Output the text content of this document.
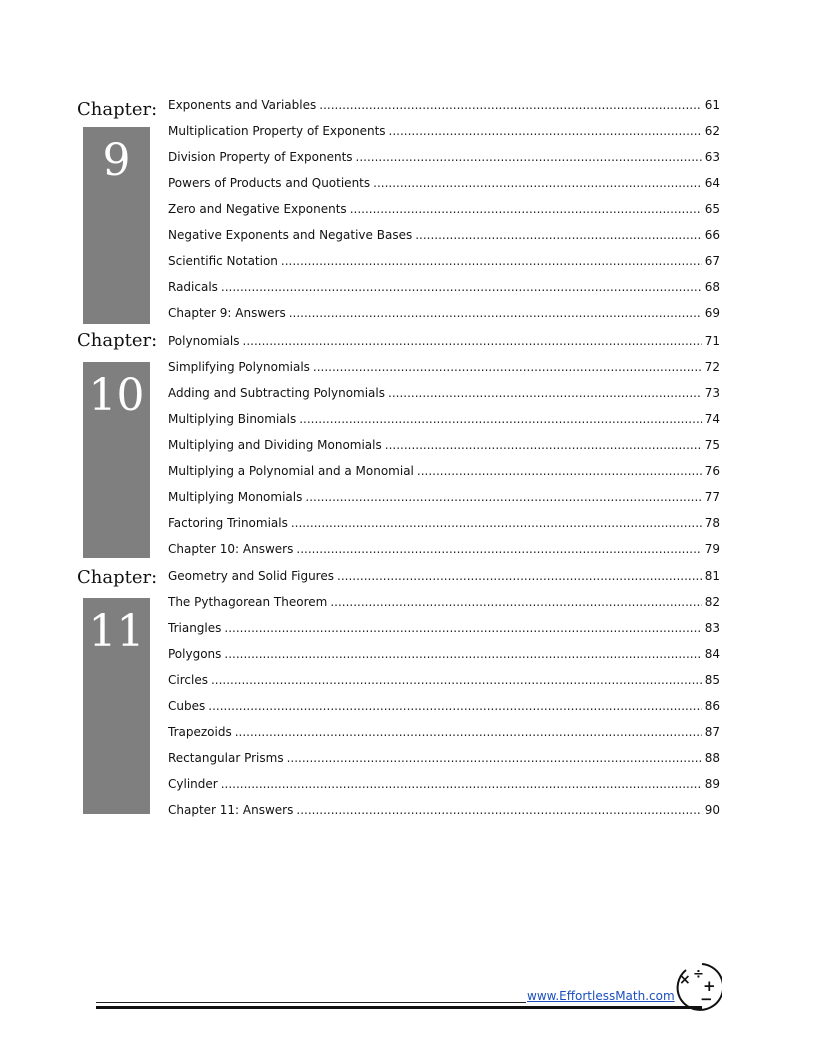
Chapter:
9
Exponents and Variables .....	61
Multiplication Property of Exponents .....	62
Division Property of Exponents .....	63
Powers of Products and Quotients .....	64
Zero and Negative Exponents .....	65
Negative Exponents and Negative Bases .....	66
Scientific Notation .....	67
Radicals .....	68
Chapter 9: Answers .....	69
Chapter:
10
Polynomials .....	71
Simplifying Polynomials .....	72
Adding and Subtracting Polynomials .....	73
Multiplying Binomials .....	74
Multiplying and Dividing Monomials .....	75
Multiplying a Polynomial and a Monomial .....	76
Multiplying Monomials .....	77
Factoring Trinomials .....	78
Chapter 10: Answers .....	79
Chapter:
11
Geometry and Solid Figures .....	81
The Pythagorean Theorem .....	82
Triangles .....	83
Polygons .....	84
Circles .....	85
Cubes .....	86
Trapezoids .....	87
Rectangular Prisms .....	88
Cylinder .....	89
Chapter 11: Answers .....	90
www.EffortlessMath.com
× ÷
+
−
